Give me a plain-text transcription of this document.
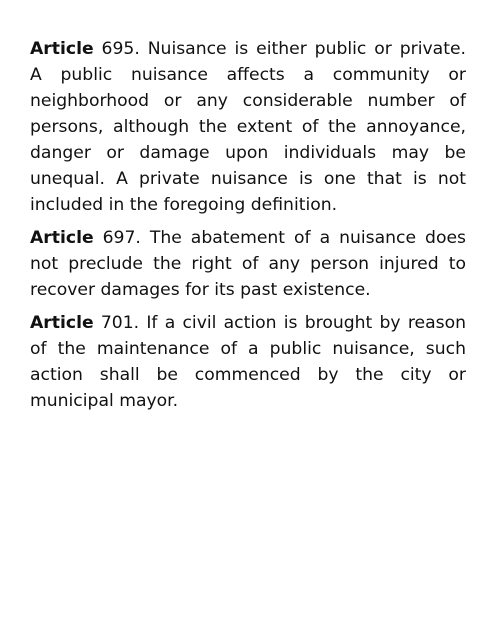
Article 695. Nuisance is either public or private. A public nuisance affects a community or neighborhood or any considerable number of persons, although the extent of the annoyance, danger or damage upon individuals may be unequal. A private nuisance is one that is not included in the foregoing definition.

Article 697. The abatement of a nuisance does not preclude the right of any person injured to recover damages for its past existence.

Article 701. If a civil action is brought by reason of the maintenance of a public nuisance, such action shall be commenced by the city or municipal mayor.
